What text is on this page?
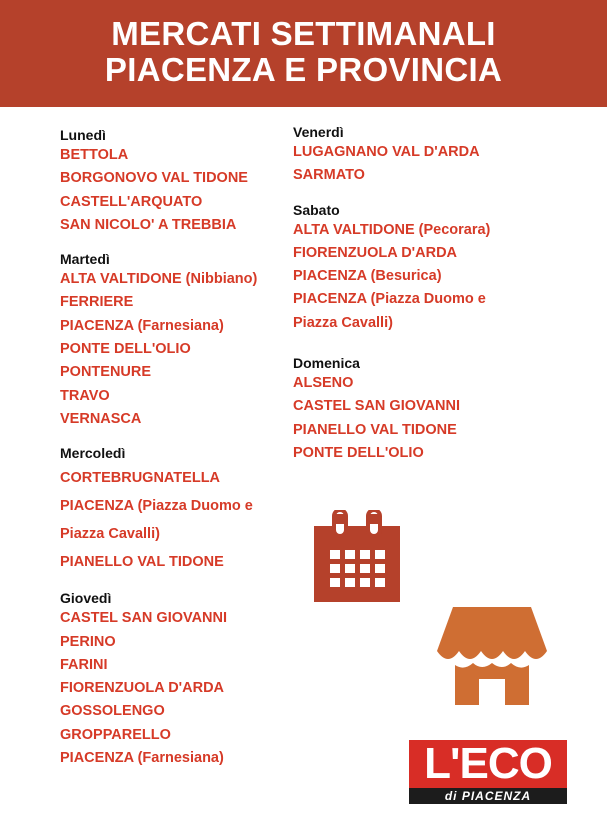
MERCATI SETTIMANALI
PIACENZA E PROVINCIA
Lunedì
BETTOLA
BORGONOVO VAL TIDONE
CASTELL'ARQUATO
SAN NICOLO' A TREBBIA
Martedì
ALTA VALTIDONE (Nibbiano)
FERRIERE
PIACENZA (Farnesiana)
PONTE DELL'OLIO
PONTENURE
TRAVO
VERNASCA
Mercoledì
CORTEBRUGNATELLA
PIACENZA (Piazza Duomo e
Piazza Cavalli)
PIANELLO VAL TIDONE
Giovedì
CASTEL SAN GIOVANNI
PERINO
FARINI
FIORENZUOLA D'ARDA
GOSSOLENGO
GROPPARELLO
PIACENZA (Farnesiana)
Venerdì
LUGAGNANO VAL D'ARDA
SARMATO
Sabato
ALTA VALTIDONE (Pecorara)
FIORENZUOLA D'ARDA
PIACENZA (Besurica)
PIACENZA (Piazza Duomo e
Piazza Cavalli)
Domenica
ALSENO
CASTEL SAN GIOVANNI
PIANELLO VAL TIDONE
PONTE DELL'OLIO
L'ECO
di PIACENZA
